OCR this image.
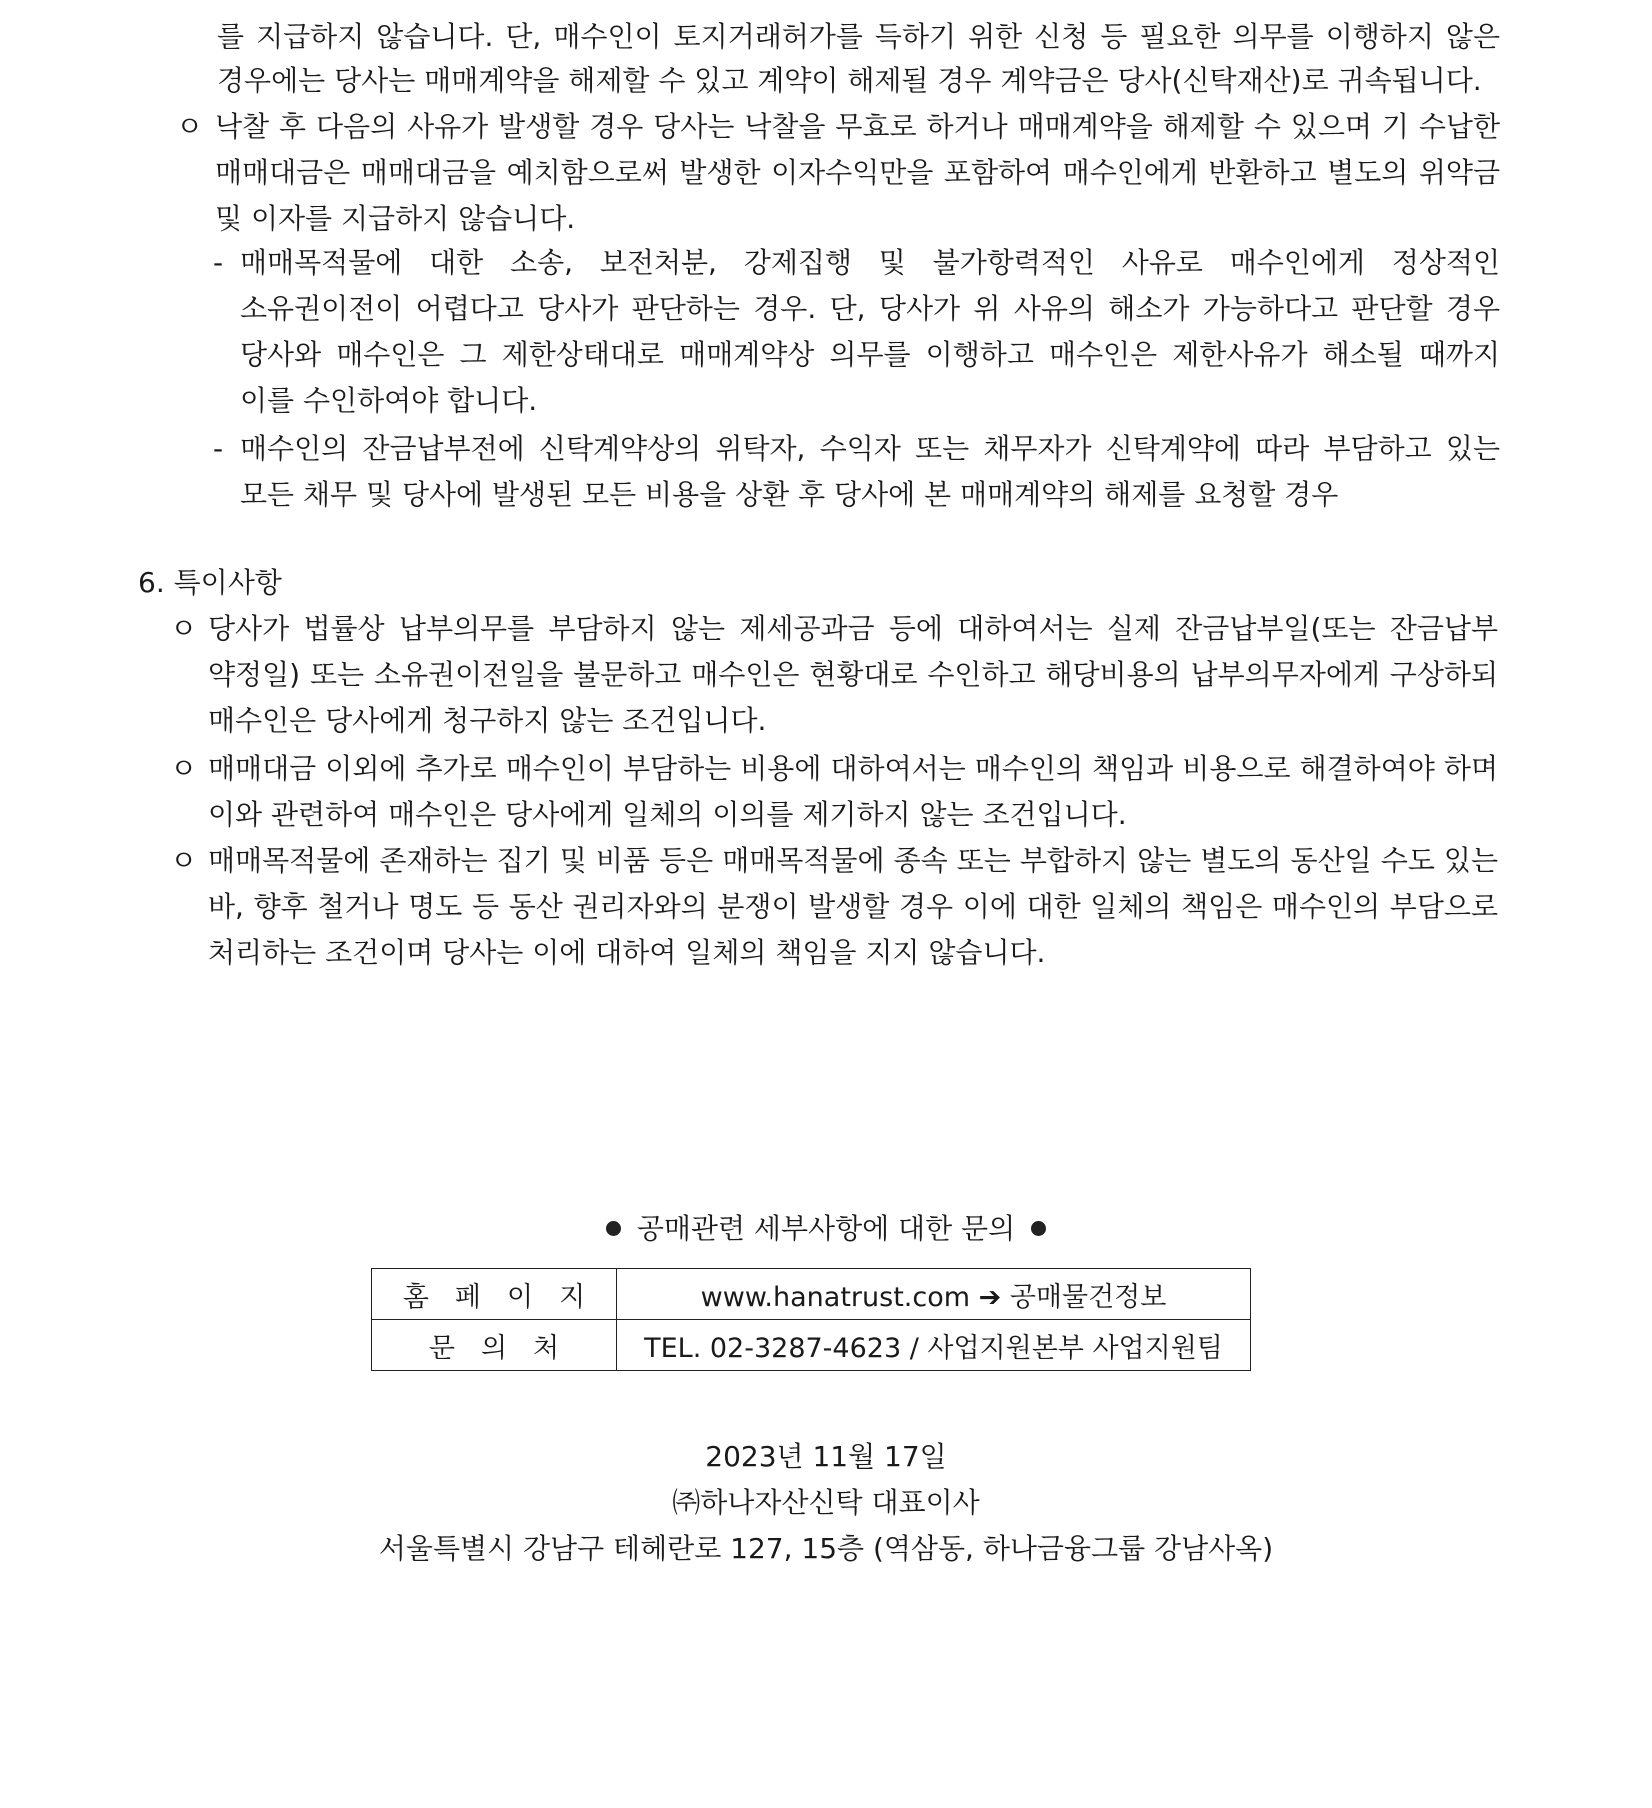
를 지급하지 않습니다. 단, 매수인이 토지거래허가를 득하기 위한 신청 등 필요한 의무를 이행하지 않은
경우에는 당사는 매매계약을 해제할 수 있고 계약이 해제될 경우 계약금은 당사(신탁재산)로 귀속됩니다.
ㅇ 낙찰 후 다음의 사유가 발생할 경우 당사는 낙찰을 무효로 하거나 매매계약을 해제할 수 있으며 기 수납한 매매대금은 매매대금을 예치함으로써 발생한 이자수익만을 포함하여 매수인에게 반환하고 별도의 위약금 및 이자를 지급하지 않습니다.
- 매매목적물에 대한 소송, 보전처분, 강제집행 및 불가항력적인 사유로 매수인에게 정상적인 소유권이전이 어렵다고 당사가 판단하는 경우. 단, 당사가 위 사유의 해소가 가능하다고 판단할 경우 당사와 매수인은 그 제한상태대로 매매계약상 의무를 이행하고 매수인은 제한사유가 해소될 때까지 이를 수인하여야 합니다.
- 매수인의 잔금납부전에 신탁계약상의 위탁자, 수익자 또는 채무자가 신탁계약에 따라 부담하고 있는 모든 채무 및 당사에 발생된 모든 비용을 상환 후 당사에 본 매매계약의 해제를 요청할 경우
6. 특이사항
ㅇ 당사가 법률상 납부의무를 부담하지 않는 제세공과금 등에 대하여서는 실제 잔금납부일(또는 잔금납부 약정일) 또는 소유권이전일을 불문하고 매수인은 현황대로 수인하고 해당비용의 납부의무자에게 구상하되 매수인은 당사에게 청구하지 않는 조건입니다.
ㅇ 매매대금 이외에 추가로 매수인이 부담하는 비용에 대하여서는 매수인의 책임과 비용으로 해결하여야 하며 이와 관련하여 매수인은 당사에게 일체의 이의를 제기하지 않는 조건입니다.
ㅇ 매매목적물에 존재하는 집기 및 비품 등은 매매목적물에 종속 또는 부합하지 않는 별도의 동산일 수도 있는 바, 향후 철거나 명도 등 동산 권리자와의 분쟁이 발생할 경우 이에 대한 일체의 책임은 매수인의 부담으로 처리하는 조건이며 당사는 이에 대하여 일체의 책임을 지지 않습니다.
공매관련 세부사항에 대한 문의
홈페이지	www.hanatrust.com ➔ 공매물건정보
문의처	TEL. 02-3287-4623 / 사업지원본부 사업지원팀
2023년 11월 17일
㈜하나자산신탁 대표이사
서울특별시 강남구 테헤란로 127, 15층 (역삼동, 하나금융그룹 강남사옥)
